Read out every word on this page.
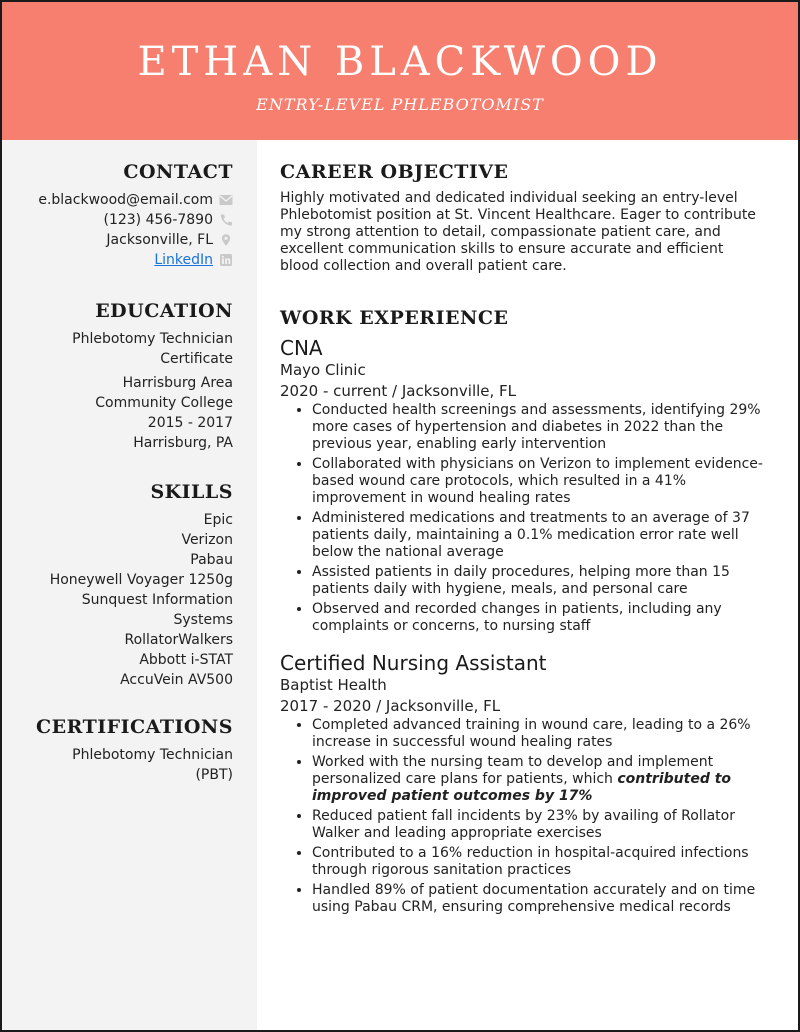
ETHAN BLACKWOOD
ENTRY-LEVEL PHLEBOTOMIST
CONTACT
e.blackwood@email.com
(123) 456-7890
Jacksonville, FL
LinkedIn
EDUCATION
Phlebotomy Technician
Certificate
Harrisburg Area
Community College
2015 - 2017
Harrisburg, PA
SKILLS
Epic
Verizon
Pabau
Honeywell Voyager 1250g
Sunquest Information
Systems
RollatorWalkers
Abbott i-STAT
AccuVein AV500
CERTIFICATIONS
Phlebotomy Technician
(PBT)
CAREER OBJECTIVE
Highly motivated and dedicated individual seeking an entry-level Phlebotomist position at St. Vincent Healthcare. Eager to contribute my strong attention to detail, compassionate patient care, and excellent communication skills to ensure accurate and efficient blood collection and overall patient care.
WORK EXPERIENCE
CNA
Mayo Clinic
2020 - current / Jacksonville, FL
• Conducted health screenings and assessments, identifying 29% more cases of hypertension and diabetes in 2022 than the previous year, enabling early intervention
• Collaborated with physicians on Verizon to implement evidence-based wound care protocols, which resulted in a 41% improvement in wound healing rates
• Administered medications and treatments to an average of 37 patients daily, maintaining a 0.1% medication error rate well below the national average
• Assisted patients in daily procedures, helping more than 15 patients daily with hygiene, meals, and personal care
• Observed and recorded changes in patients, including any complaints or concerns, to nursing staff
Certified Nursing Assistant
Baptist Health
2017 - 2020 / Jacksonville, FL
• Completed advanced training in wound care, leading to a 26% increase in successful wound healing rates
• Worked with the nursing team to develop and implement personalized care plans for patients, which contributed to improved patient outcomes by 17%
• Reduced patient fall incidents by 23% by availing of Rollator Walker and leading appropriate exercises
• Contributed to a 16% reduction in hospital-acquired infections through rigorous sanitation practices
• Handled 89% of patient documentation accurately and on time using Pabau CRM, ensuring comprehensive medical records
